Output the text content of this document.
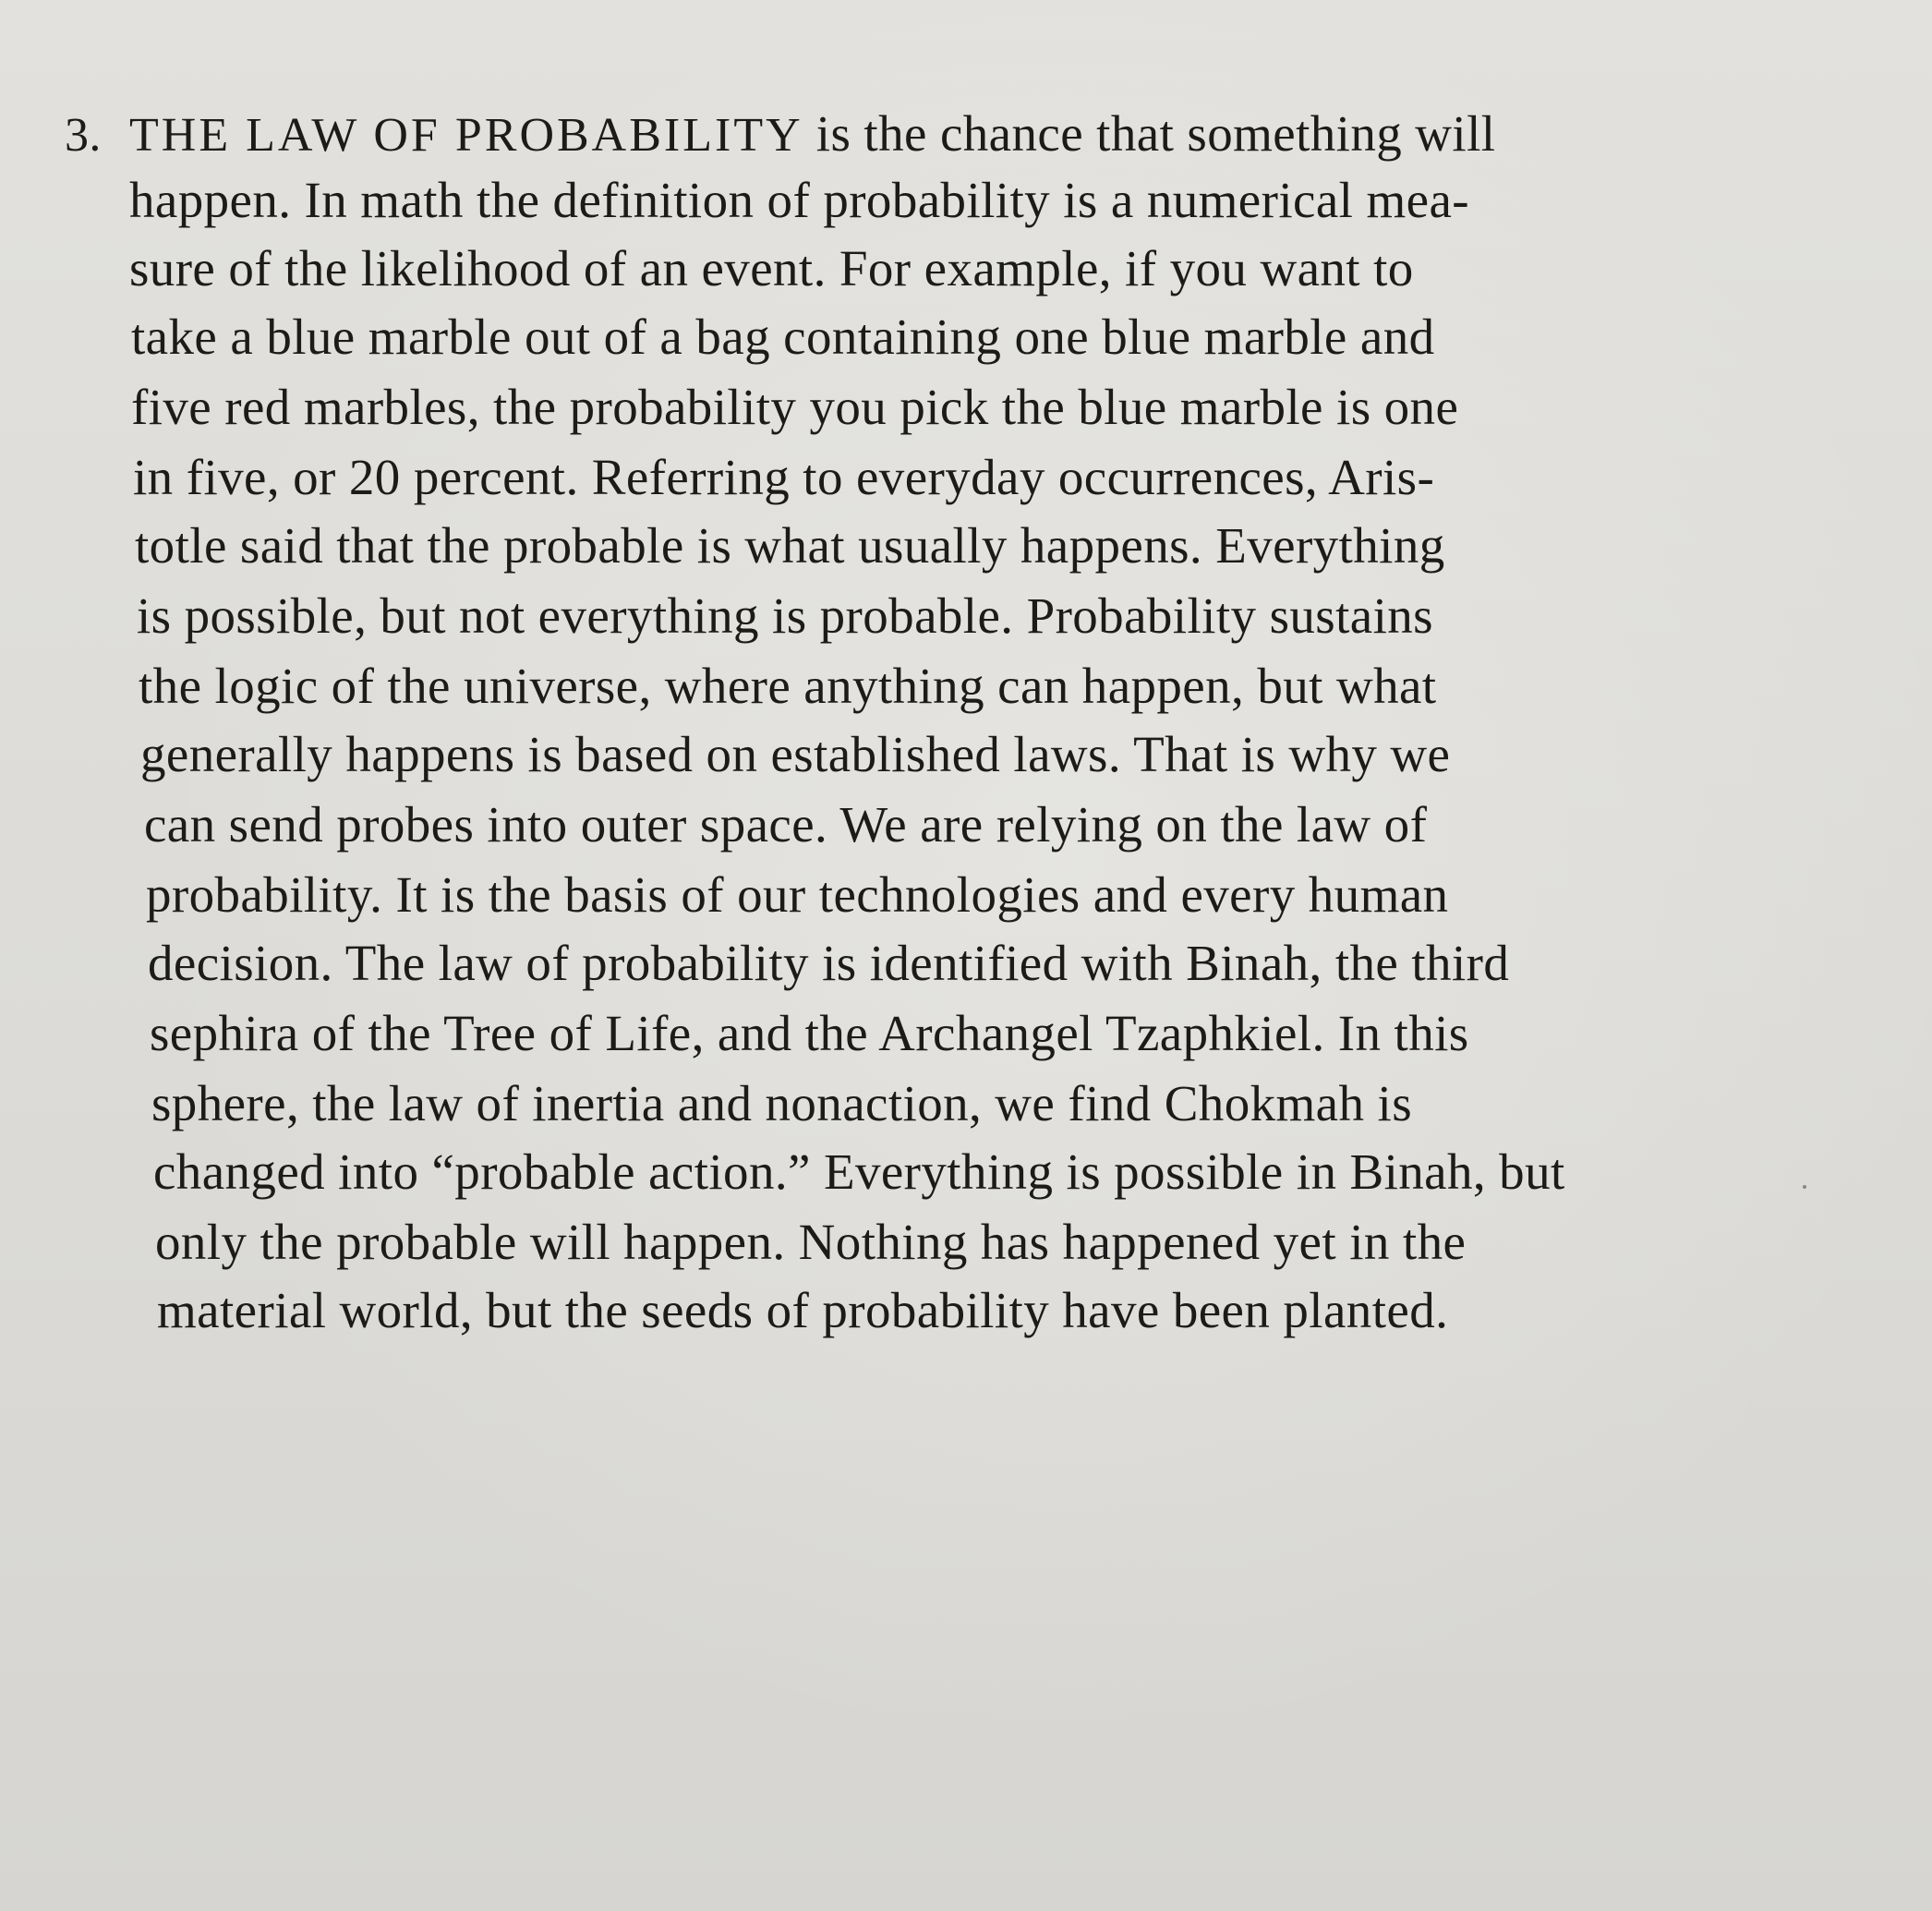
3. THE LAW OF PROBABILITY is the chance that something will
happen. In math the definition of probability is a numerical mea-
sure of the likelihood of an event. For example, if you want to
take a blue marble out of a bag containing one blue marble and
five red marbles, the probability you pick the blue marble is one
in five, or 20 percent. Referring to everyday occurrences, Aris-
totle said that the probable is what usually happens. Everything
is possible, but not everything is probable. Probability sustains
the logic of the universe, where anything can happen, but what
generally happens is based on established laws. That is why we
can send probes into outer space. We are relying on the law of
probability. It is the basis of our technologies and every human
decision. The law of probability is identified with Binah, the third
sephira of the Tree of Life, and the Archangel Tzaphkiel. In this
sphere, the law of inertia and nonaction, we find Chokmah is
changed into “probable action.” Everything is possible in Binah, but
only the probable will happen. Nothing has happened yet in the
material world, but the seeds of probability have been planted.
